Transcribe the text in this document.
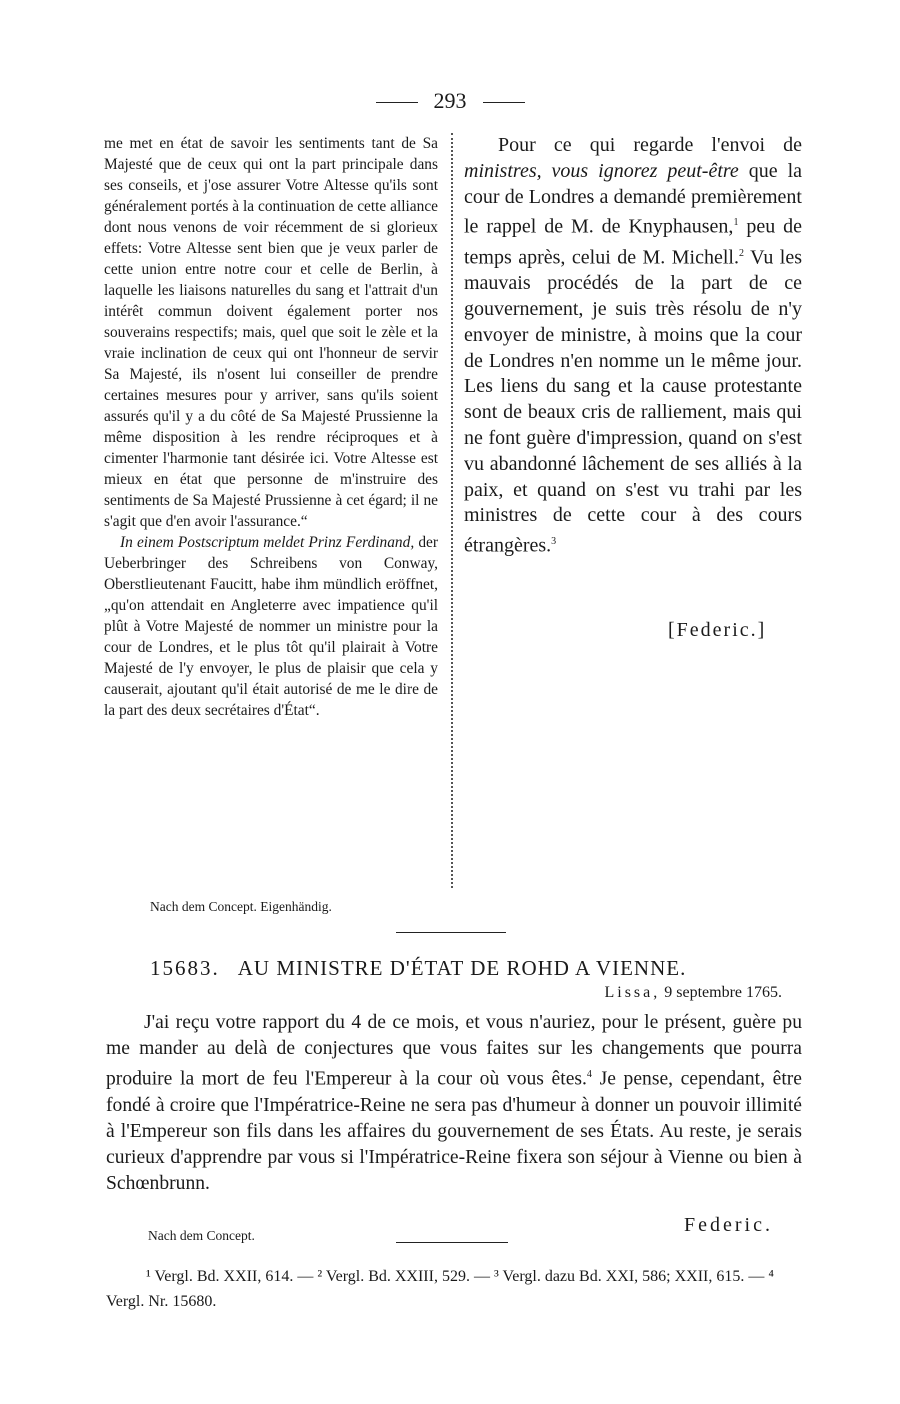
293

me met en état de savoir les sentiments tant de Sa Majesté que de ceux qui ont la part principale dans ses conseils, et j'ose assurer Votre Altesse qu'ils sont généralement portés à la continuation de cette alliance dont nous venons de voir récemment de si glorieux effets: Votre Altesse sent bien que je veux parler de cette union entre notre cour et celle de Berlin, à laquelle les liaisons naturelles du sang et l'attrait d'un intérêt commun doivent également porter nos souverains respectifs; mais, quel que soit le zèle et la vraie inclination de ceux qui ont l'honneur de servir Sa Majesté, ils n'osent lui conseiller de prendre certaines mesures pour y arriver, sans qu'ils soient assurés qu'il y a du côté de Sa Majesté Prussienne la même disposition à les rendre réciproques et à cimenter l'harmonie tant désirée ici. Votre Altesse est mieux en état que personne de m'instruire des sentiments de Sa Majesté Prussienne à cet égard; il ne s'agit que d'en avoir l'assurance.“

In einem Postscriptum meldet Prinz Ferdinand, der Ueberbringer des Schreibens von Conway, Oberstlieutenant Faucitt, habe ihm mündlich eröffnet, „qu'on attendait en Angleterre avec impatience qu'il plût à Votre Majesté de nommer un ministre pour la cour de Londres, et le plus tôt qu'il plairait à Votre Majesté de l'y envoyer, le plus de plaisir que cela y causerait, ajoutant qu'il était autorisé de me le dire de la part des deux secrétaires d'État“.

Nach dem Concept. Eigenhändig.

Pour ce qui regarde l'envoi de ministres, vous ignorez peut-être que la cour de Londres a demandé premièrement le rappel de M. de Knyphausen,$^1$ peu de temps après, celui de M. Michell.$^2$ Vu les mauvais procédés de la part de ce gouvernement, je suis très résolu de n'y envoyer de ministre, à moins que la cour de Londres n'en nomme un le même jour. Les liens du sang et la cause protestante sont de beaux cris de ralliement, mais qui ne font guère d'impression, quand on s'est vu abandonné lâchement de ses alliés à la paix, et quand on s'est vu trahi par les ministres de cette cour à des cours étrangères.$^3$

[Federic.]
15683. AU MINISTRE D'ÉTAT DE ROHD A VIENNE.
Lissa, 9 septembre 1765.

J'ai reçu votre rapport du 4 de ce mois, et vous n'auriez, pour le présent, guère pu me mander au delà de conjectures que vous faites sur les changements que pourra produire la mort de feu l'Empereur à la cour où vous êtes.$^4$ Je pense, cependant, être fondé à croire que l'Impératrice-Reine ne sera pas d'humeur à donner un pouvoir illimité à l'Empereur son fils dans les affaires du gouvernement de ses États. Au reste, je serais curieux d'apprendre par vous si l'Impératrice-Reine fixera son séjour à Vienne ou bien à Schœnbrunn.

Federic.
Nach dem Concept.

¹ Vergl. Bd. XXII, 614. — ² Vergl. Bd. XXIII, 529. — ³ Vergl. dazu Bd. XXI, 586; XXII, 615. — ⁴ Vergl. Nr. 15680.
